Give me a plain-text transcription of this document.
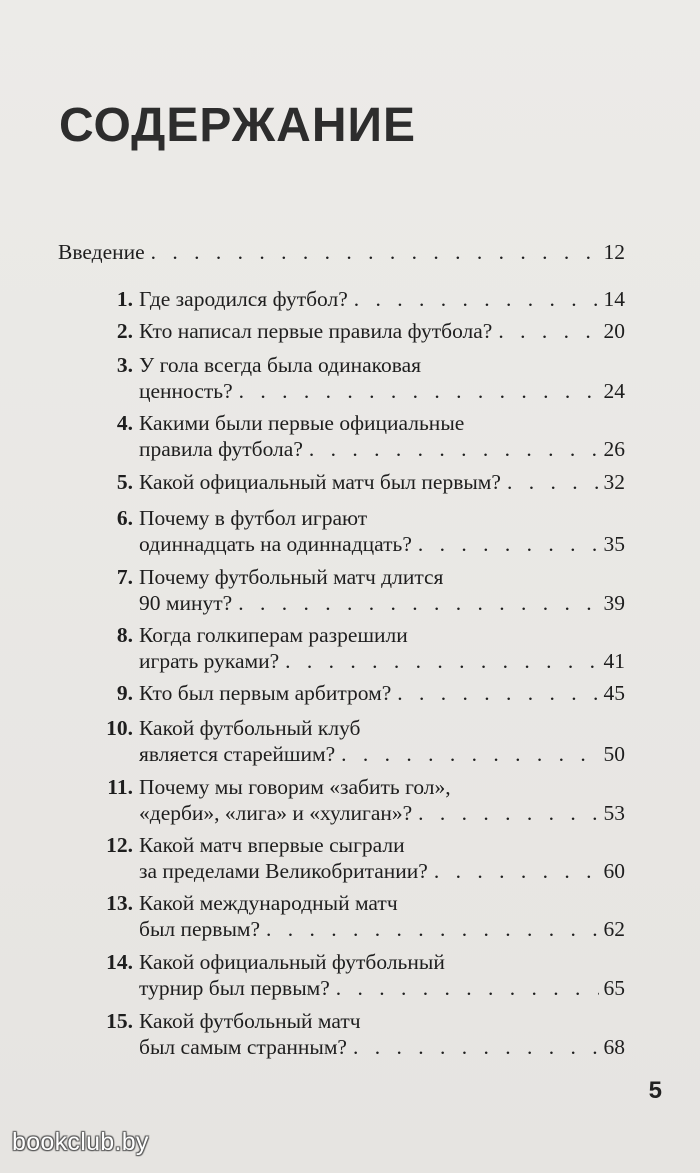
СОДЕРЖАНИЕ
Введение . . .	12
1. Где зародился футбол? . . .	14
2. Кто написал первые правила футбола? . . .	20
3. У гола всегда была одинаковая
ценность? . . .	24
4. Какими были первые официальные
правила футбола? . . .	26
5. Какой официальный матч был первым? . . .	32
6. Почему в футбол играют
одиннадцать на одиннадцать? . . .	35
7. Почему футбольный матч длится
90 минут? . . .	39
8. Когда голкиперам разрешили
играть руками? . . .	41
9. Кто был первым арбитром? . . .	45
10. Какой футбольный клуб
является старейшим? . . .	50
11. Почему мы говорим «забить гол»,
«дерби», «лига» и «хулиган»? . . .	53
12. Какой матч впервые сыграли
за пределами Великобритании? . . .	60
13. Какой международный матч
был первым? . . .	62
14. Какой официальный футбольный
турнир был первым? . . .	65
15. Какой футбольный матч
был самым странным? . . .	68
5
bookclub.by
